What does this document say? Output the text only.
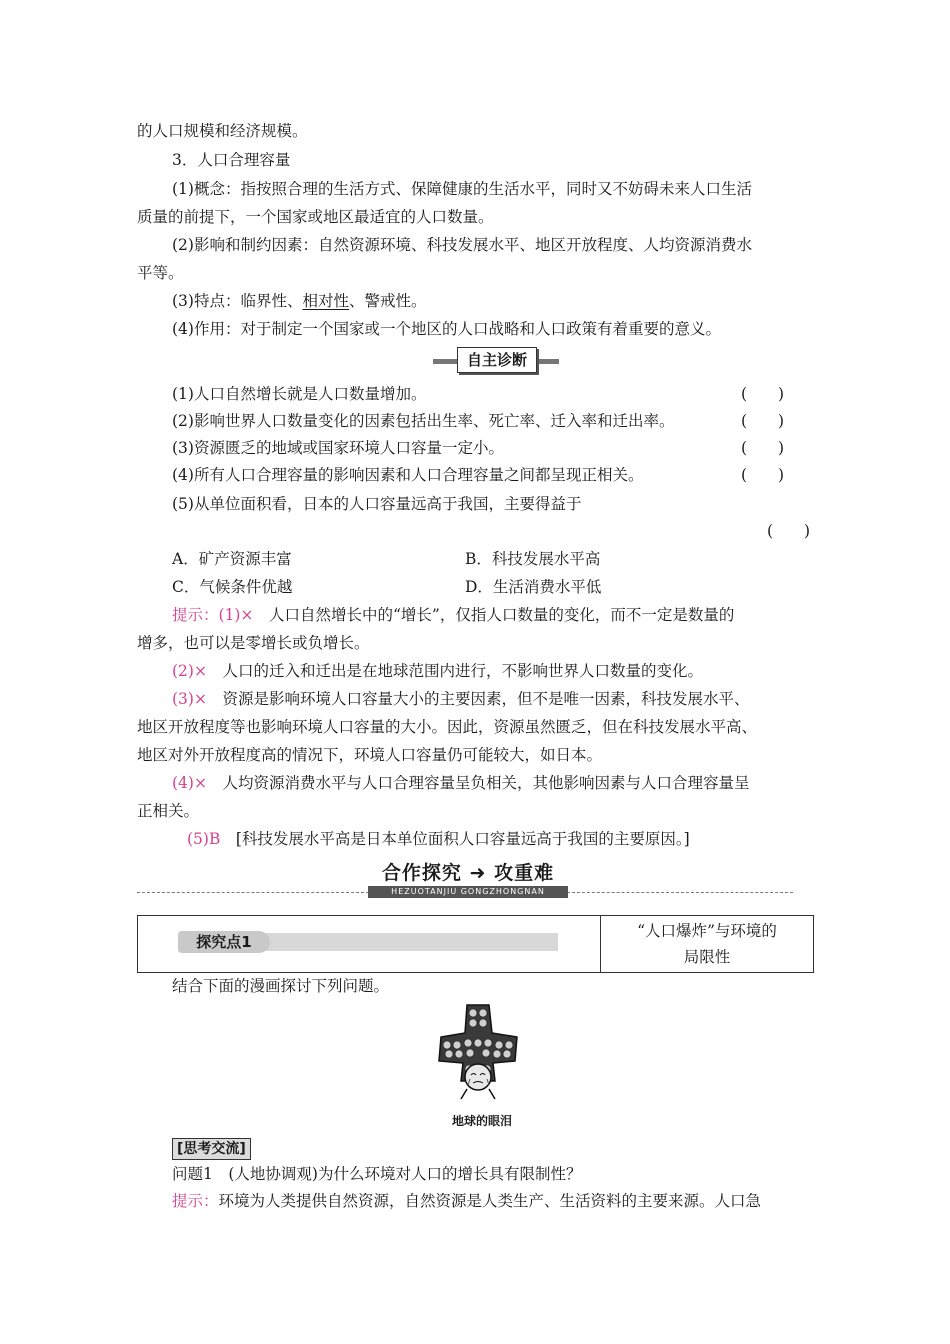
的人口规模和经济规模。
3．人口合理容量
(1)概念：指按照合理的生活方式、保障健康的生活水平，同时又不妨碍未来人口生活
质量的前提下，一个国家或地区最适宜的人口数量。
(2)影响和制约因素：自然资源环境、科技发展水平、地区开放程度、人均资源消费水
平等。
(3)特点：临界性、相对性、警戒性。
(4)作用：对于制定一个国家或一个地区的人口战略和人口政策有着重要的意义。
自主诊断
(1)人口自然增长就是人口数量增加。	(　　)
(2)影响世界人口数量变化的因素包括出生率、死亡率、迁入率和迁出率。	(　　)
(3)资源匮乏的地域或国家环境人口容量一定小。	(　　)
(4)所有人口合理容量的影响因素和人口合理容量之间都呈现正相关。	(　　)
(5)从单位面积看，日本的人口容量远高于我国，主要得益于
(　　)
A．矿产资源丰富	B．科技发展水平高
C．气候条件优越	D．生活消费水平低
提示：(1)×　人口自然增长中的“增长”，仅指人口数量的变化，而不一定是数量的
增多，也可以是零增长或负增长。
(2)×　人口的迁入和迁出是在地球范围内进行，不影响世界人口数量的变化。
(3)×　资源是影响环境人口容量大小的主要因素，但不是唯一因素，科技发展水平、
地区开放程度等也影响环境人口容量的大小。因此，资源虽然匮乏，但在科技发展水平高、
地区对外开放程度高的情况下，环境人口容量仍可能较大，如日本。
(4)×　人均资源消费水平与人口合理容量呈负相关，其他影响因素与人口合理容量呈
正相关。
(5)B　[科技发展水平高是日本单位面积人口容量远高于我国的主要原因。]
合作探究 ➜ 攻重难
HEZUOTANJIU GONGZHONGNAN
探究点1
“人口爆炸”与环境的
局限性
结合下面的漫画探讨下列问题。
地球的眼泪
[思考交流]
问题1　(人地协调观)为什么环境对人口的增长具有限制性？
提示：环境为人类提供自然资源，自然资源是人类生产、生活资料的主要来源。人口急
